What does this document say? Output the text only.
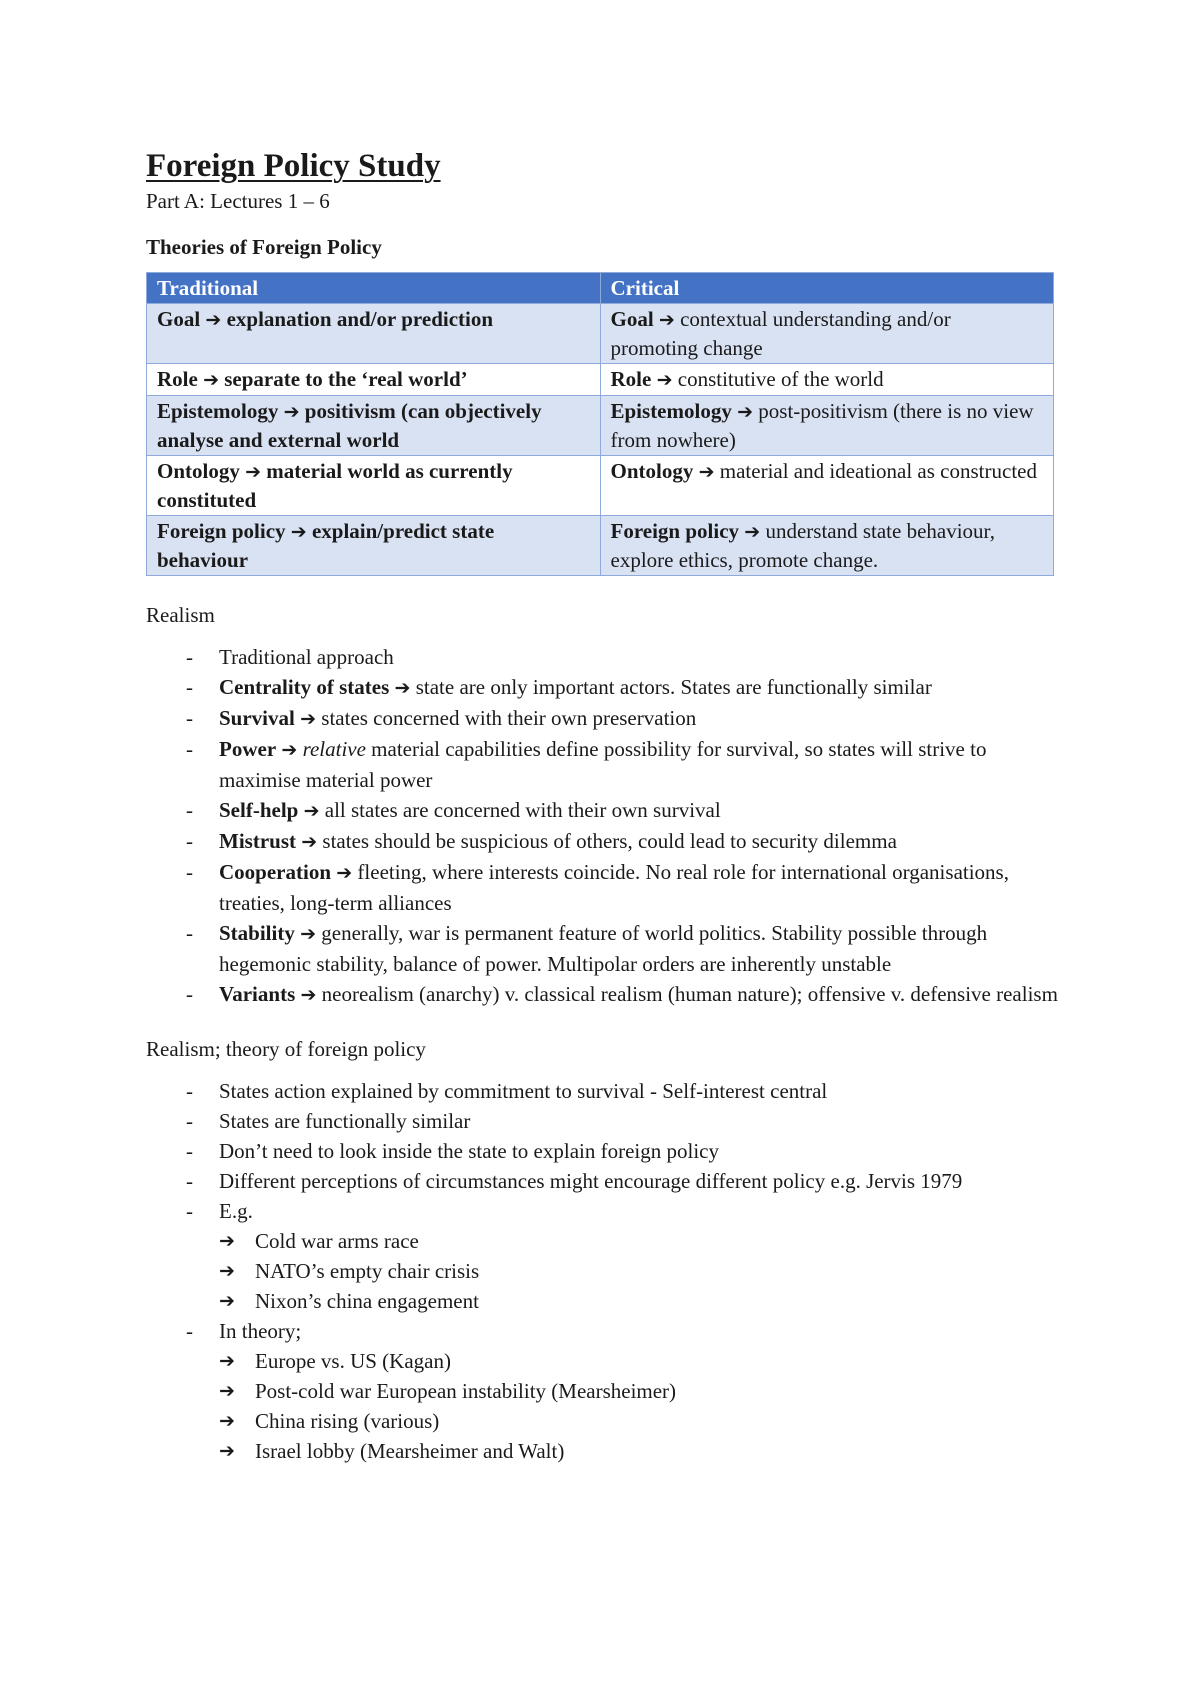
Foreign Policy Study

Part A: Lectures 1 – 6

Theories of Foreign Policy

Traditional	Critical
Goal ➔ explanation and/or prediction	Goal ➔ contextual understanding and/or promoting change
Role ➔ separate to the ‘real world’	Role ➔ constitutive of the world
Epistemology ➔ positivism (can objectively analyse and external world	Epistemology ➔ post-positivism (there is no view from nowhere)
Ontology ➔ material world as currently constituted	Ontology ➔ material and ideational as constructed
Foreign policy ➔ explain/predict state behaviour	Foreign policy ➔ understand state behaviour, explore ethics, promote change.

Realism

- Traditional approach
- Centrality of states ➔ state are only important actors. States are functionally similar
- Survival ➔ states concerned with their own preservation
- Power ➔ relative material capabilities define possibility for survival, so states will strive to maximise material power
- Self-help ➔ all states are concerned with their own survival
- Mistrust ➔ states should be suspicious of others, could lead to security dilemma
- Cooperation ➔ fleeting, where interests coincide. No real role for international organisations, treaties, long-term alliances
- Stability ➔ generally, war is permanent feature of world politics. Stability possible through hegemonic stability, balance of power. Multipolar orders are inherently unstable
- Variants ➔ neorealism (anarchy) v. classical realism (human nature); offensive v. defensive realism

Realism; theory of foreign policy

- States action explained by commitment to survival - Self-interest central
- States are functionally similar
- Don’t need to look inside the state to explain foreign policy
- Different perceptions of circumstances might encourage different policy e.g. Jervis 1979
- E.g.
➔ Cold war arms race
➔ NATO’s empty chair crisis
➔ Nixon’s china engagement
- In theory;
➔ Europe vs. US (Kagan)
➔ Post-cold war European instability (Mearsheimer)
➔ China rising (various)
➔ Israel lobby (Mearsheimer and Walt)
